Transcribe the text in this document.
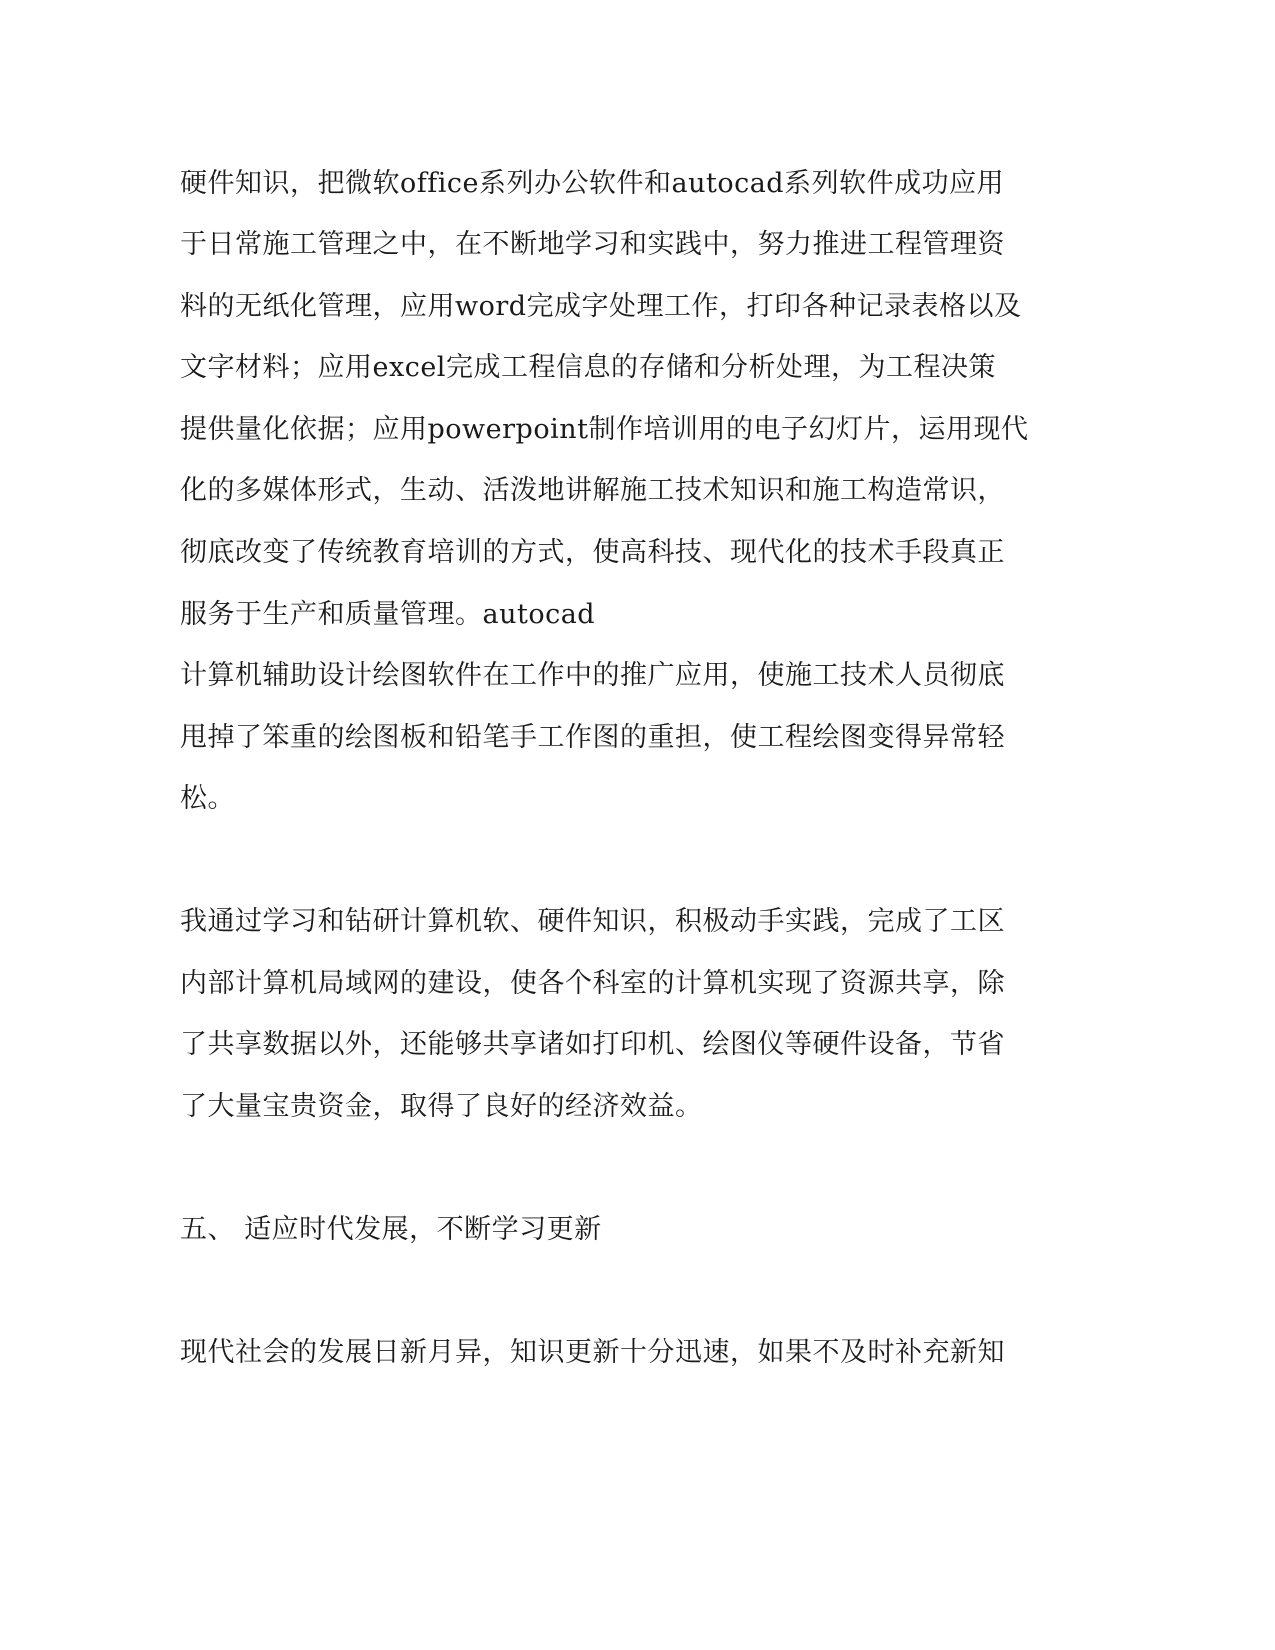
硬件知识，把微软office系列办公软件和autocad系列软件成功应用
于日常施工管理之中，在不断地学习和实践中，努力推进工程管理资
料的无纸化管理，应用word完成字处理工作，打印各种记录表格以及
文字材料；应用excel完成工程信息的存储和分析处理，为工程决策
提供量化依据；应用powerpoint制作培训用的电子幻灯片，运用现代
化的多媒体形式，生动、活泼地讲解施工技术知识和施工构造常识，
彻底改变了传统教育培训的方式，使高科技、现代化的技术手段真正
服务于生产和质量管理。autocad
计算机辅助设计绘图软件在工作中的推广应用，使施工技术人员彻底
甩掉了笨重的绘图板和铅笔手工作图的重担，使工程绘图变得异常轻
松。
我通过学习和钻研计算机软、硬件知识，积极动手实践，完成了工区
内部计算机局域网的建设，使各个科室的计算机实现了资源共享，除
了共享数据以外，还能够共享诸如打印机、绘图仪等硬件设备，节省
了大量宝贵资金，取得了良好的经济效益。
五、 适应时代发展，不断学习更新
现代社会的发展日新月异，知识更新十分迅速，如果不及时补充新知
